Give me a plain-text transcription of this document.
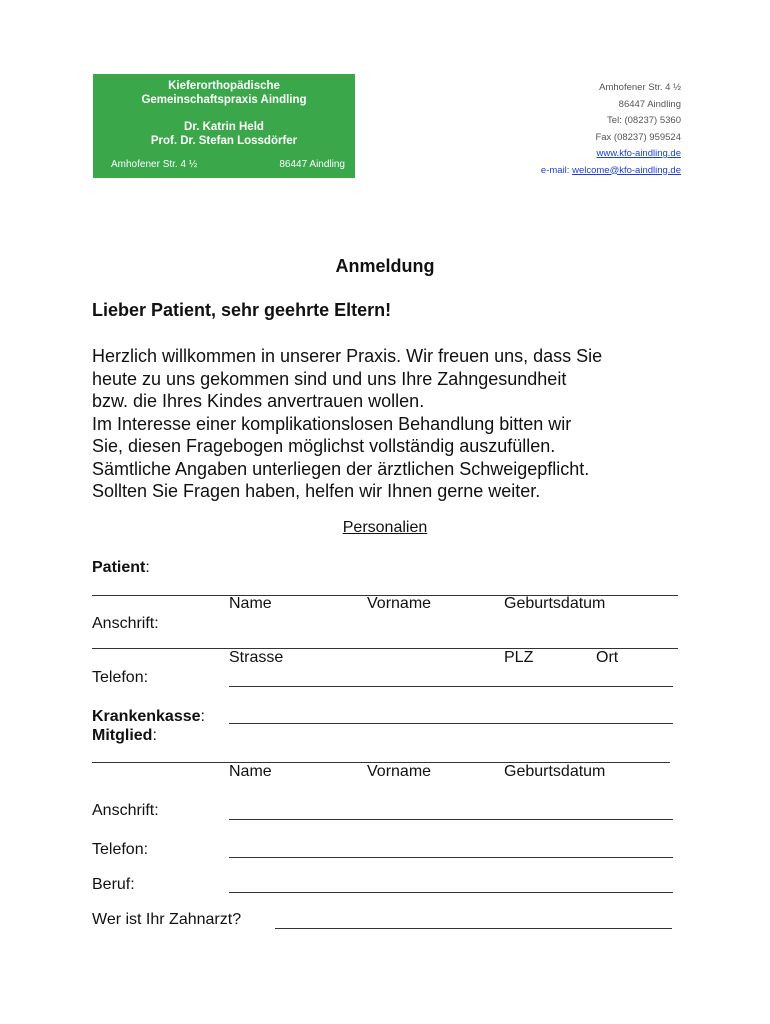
Kieferorthopädische
Gemeinschaftspraxis Aindling
Dr. Katrin Held
Prof. Dr. Stefan Lossdörfer
Amhofener Str. 4 ½	86447 Aindling
Amhofener Str. 4 ½
86447 Aindling
Tel: (08237) 5360
Fax (08237) 959524
www.kfo-aindling.de
e-mail: welcome@kfo-aindling.de
Anmeldung
Lieber Patient, sehr geehrte Eltern!
Herzlich willkommen in unserer Praxis. Wir freuen uns, dass Sie
heute zu uns gekommen sind und uns Ihre Zahngesundheit
bzw. die Ihres Kindes anvertrauen wollen.
Im Interesse einer komplikationslosen Behandlung bitten wir
Sie, diesen Fragebogen möglichst vollständig auszufüllen.
Sämtliche Angaben unterliegen der ärztlichen Schweigepflicht.
Sollten Sie Fragen haben, helfen wir Ihnen gerne weiter.
Personalien
Patient:
Name	Vorname	Geburtsdatum
Anschrift:
Strasse	PLZ	Ort
Telefon:
Krankenkasse:
Mitglied:
Name	Vorname	Geburtsdatum
Anschrift:
Telefon:
Beruf:
Wer ist Ihr Zahnarzt?
